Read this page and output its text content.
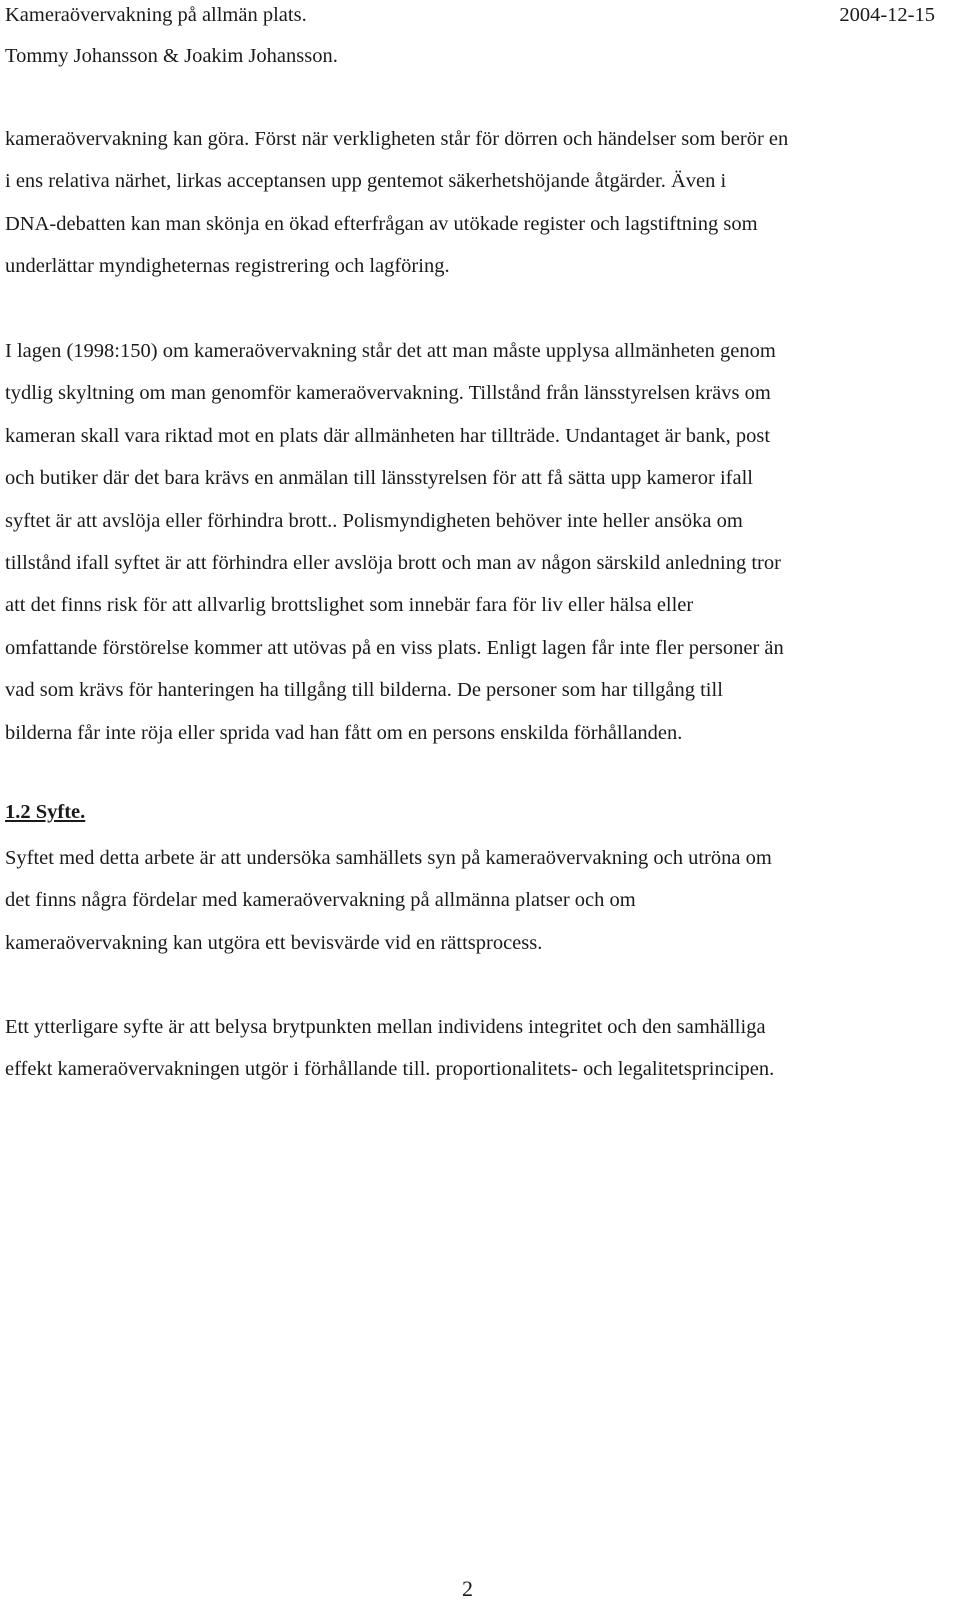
Kameraövervakning på allmän plats.	2004-12-15
Tommy Johansson & Joakim Johansson.

kameraövervakning kan göra. Först när verkligheten står för dörren och händelser som berör en
i ens relativa närhet, lirkas acceptansen upp gentemot säkerhetshöjande åtgärder. Även i
DNA-debatten kan man skönja en ökad efterfrågan av utökade register och lagstiftning som
underlättar myndigheternas registrering och lagföring.

I lagen (1998:150) om kameraövervakning står det att man måste upplysa allmänheten genom
tydlig skyltning om man genomför kameraövervakning. Tillstånd från länsstyrelsen krävs om
kameran skall vara riktad mot en plats där allmänheten har tillträde. Undantaget är bank, post
och butiker där det bara krävs en anmälan till länsstyrelsen för att få sätta upp kameror ifall
syftet är att avslöja eller förhindra brott.. Polismyndigheten behöver inte heller ansöka om
tillstånd ifall syftet är att förhindra eller avslöja brott och man av någon särskild anledning tror
att det finns risk för att allvarlig brottslighet som innebär fara för liv eller hälsa eller
omfattande förstörelse kommer att utövas på en viss plats. Enligt lagen får inte fler personer än
vad som krävs för hanteringen ha tillgång till bilderna. De personer som har tillgång till
bilderna får inte röja eller sprida vad han fått om en persons enskilda förhållanden.

1.2 Syfte.

Syftet med detta arbete är att undersöka samhällets syn på kameraövervakning och utröna om
det finns några fördelar med kameraövervakning på allmänna platser och om
kameraövervakning kan utgöra ett bevisvärde vid en rättsprocess.

Ett ytterligare syfte är att belysa brytpunkten mellan individens integritet och den samhälliga
effekt kameraövervakningen utgör i förhållande till. proportionalitets- och legalitetsprincipen.

2
